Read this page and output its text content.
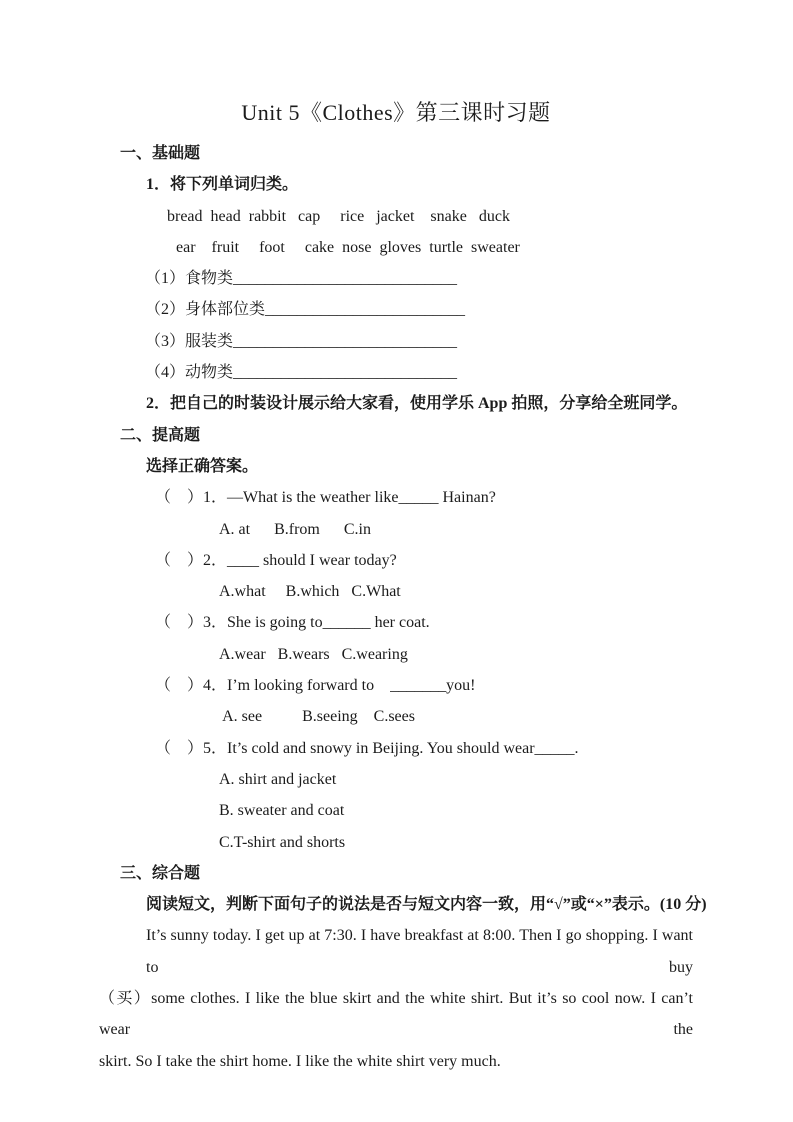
Unit 5《Clothes》第三课时习题
一、基础题
1．将下列单词归类。
bread  head  rabbit   cap     rice   jacket    snake   duck
ear    fruit     foot     cake  nose  gloves  turtle  sweater
（1）食物类____________________________
（2）身体部位类_________________________
（3）服装类____________________________
（4）动物类____________________________
2．把自己的时装设计展示给大家看，使用学乐 App 拍照，分享给全班同学。
二、提高题
选择正确答案。
（    ）1．—What is the weather like_____ Hainan?
A. at      B.from      C.in
（    ）2．____ should I wear today?
A.what     B.which   C.What
（    ）3．She is going to______ her coat.
A.wear   B.wears   C.wearing
（    ）4．I’m looking forward to    _______you!
A. see          B.seeing    C.sees
（    ）5．It’s cold and snowy in Beijing. You should wear_____.
A. shirt and jacket
B. sweater and coat
C.T-shirt and shorts
三、综合题
阅读短文，判断下面句子的说法是否与短文内容一致，用“√”或“×”表示。(10 分)
It’s sunny today. I get up at 7:30. I have breakfast at 8:00. Then I go shopping. I want to buy
（买）some clothes. I like the blue skirt and the white shirt. But it’s so cool now. I can’t wear the
skirt. So I take the shirt home. I like the white shirt very much.
